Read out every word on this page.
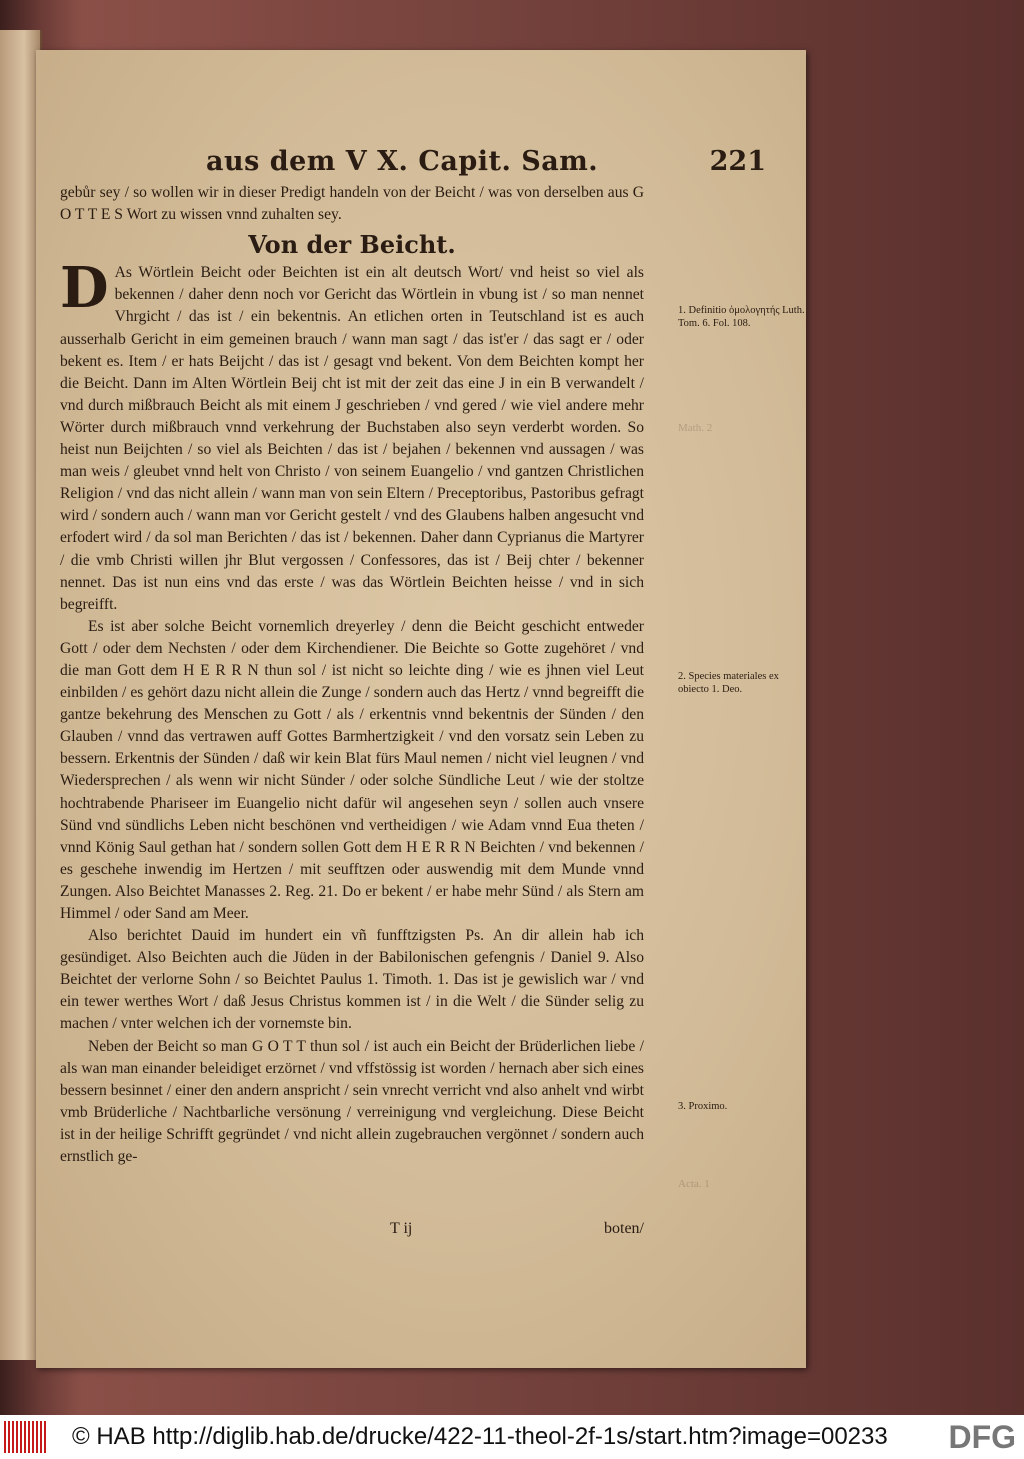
aus dem V X. Capit. Sam.	221

gebůr sey / so wollen wir in dieser Predigt handeln von der Beicht / was von derselben aus G O T T E S Wort zu wissen vnnd zuhalten sey.

Von der Beicht.

D As Wörtlein Beicht oder Beichten ist ein alt deutsch Wort/ vnd heist so viel als bekennen / daher denn noch vor Gericht das Wörtlein in vbung ist / so man nennet Vhrgicht / das ist / ein bekentnis. An etlichen orten in Teutschland ist es auch ausserhalb Gericht in eim gemeinen brauch / wann man sagt / das ist'er / das sagt er / oder bekent es. Item / er hats Beijcht / das ist / gesagt vnd bekent. Von dem Beichten kompt her die Beicht. Dann im Alten Wörtlein Beij cht ist mit der zeit das eine J in ein B verwandelt / vnd durch mißbrauch Beicht als mit einem J geschrieben / vnd gered / wie viel andere mehr Wörter durch mißbrauch vnnd verkehrung der Buchstaben also seyn verderbt worden. So heist nun Beijchten / so viel als Beichten / das ist / bejahen / bekennen vnd aussagen / was man weis / gleubet vnnd helt von Christo / von seinem Euangelio / vnd gantzen Christlichen Religion / vnd das nicht allein / wann man von sein Eltern / Preceptoribus, Pastoribus gefragt wird / sondern auch / wann man vor Gericht gestelt / vnd des Glaubens halben angesucht vnd erfodert wird / da sol man Berichten / das ist / bekennen. Daher dann Cyprianus die Martyrer / die vmb Christi willen jhr Blut vergossen / Confessores, das ist / Beij chter / bekenner nennet. Das ist nun eins vnd das erste / was das Wörtlein Beichten heisse / vnd in sich begreifft.

Es ist aber solche Beicht vornemlich dreyerley / denn die Beicht geschicht entweder Gott / oder dem Nechsten / oder dem Kirchendiener. Die Beichte so Gotte zugehöret / vnd die man Gott dem H E R R N thun sol / ist nicht so leichte ding / wie es jhnen viel Leut einbilden / es gehört dazu nicht allein die Zunge / sondern auch das Hertz / vnnd begreifft die gantze bekehrung des Menschen zu Gott / als / erkentnis vnnd bekentnis der Sünden / den Glauben / vnnd das vertrawen auff Gottes Barmhertzigkeit / vnd den vorsatz sein Leben zu bessern. Erkentnis der Sünden / daß wir kein Blat fürs Maul nemen / nicht viel leugnen / vnd Wiedersprechen / als wenn wir nicht Sünder / oder solche Sündliche Leut / wie der stoltze hochtrabende Phariseer im Euangelio nicht dafür wil angesehen seyn / sollen auch vnsere Sünd vnd sündlichs Leben nicht beschönen vnd vertheidigen / wie Adam vnnd Eua theten / vnnd König Saul gethan hat / sondern sollen Gott dem H E R R N Beichten / vnd bekennen / es geschehe inwendig im Hertzen / mit seufftzen oder auswendig mit dem Munde vnnd Zungen. Also Beichtet Manasses 2. Reg. 21. Do er bekent / er habe mehr Sünd / als Stern am Himmel / oder Sand am Meer.

Also berichtet Dauid im hundert ein vñ funfftzigsten Ps. An dir allein hab ich gesündiget. Also Beichten auch die Jüden in der Babilonischen gefengnis / Daniel 9. Also Beichtet der verlorne Sohn / so Beichtet Paulus 1. Timoth. 1. Das ist je gewislich war / vnd ein tewer werthes Wort / daß Jesus Christus kommen ist / in die Welt / die Sünder selig zu machen / vnter welchen ich der vornemste bin.

Neben der Beicht so man G O T T thun sol / ist auch ein Beicht der Brüderlichen liebe / als wan man einander beleidiget erzörnet / vnd vffstössig ist worden / hernach aber sich eines bessern besinnet / einer den andern anspricht / sein vnrecht verricht vnd also anhelt vnd wirbt vmb Brüderliche / Nachtbarliche versönung / verreinigung vnd vergleichung. Diese Beicht ist in der heilige Schrifft gegründet / vnd nicht allein zugebrauchen vergönnet / sondern auch ernstlich ge-

1. Definitio ὁμολογητής Luth. Tom. 6. Fol. 108.
Math. 2
2. Species materiales ex obiecto 1. Deo.
3. Proximo.
Acta. 1
T ij	boten/
© HAB http://diglib.hab.de/drucke/422-11-theol-2f-1s/start.htm?image=00233 DFG
